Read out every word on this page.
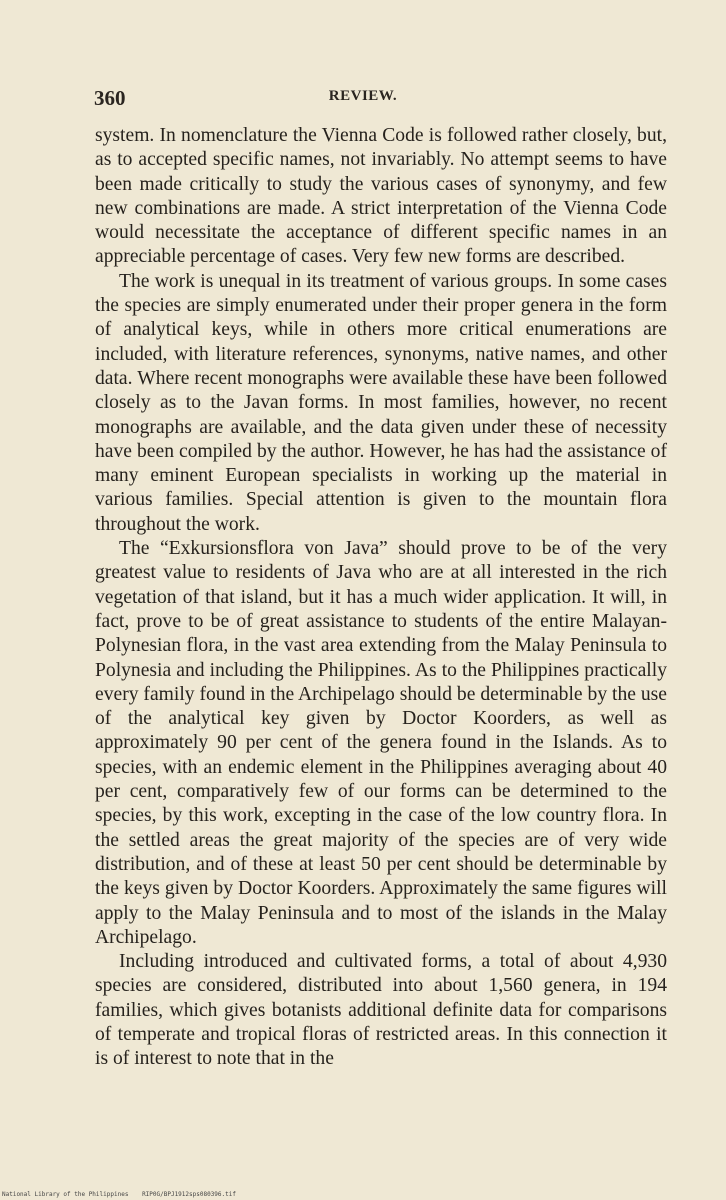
360	REVIEW.

system. In nomenclature the Vienna Code is followed rather closely, but, as to accepted specific names, not invariably. No attempt seems to have been made critically to study the various cases of synonymy, and few new combinations are made. A strict interpretation of the Vienna Code would necessitate the acceptance of different specific names in an appreciable percentage of cases. Very few new forms are described.

The work is unequal in its treatment of various groups. In some cases the species are simply enumerated under their proper genera in the form of analytical keys, while in others more critical enumerations are included, with literature references, synonyms, native names, and other data. Where recent monographs were available these have been followed closely as to the Javan forms. In most families, however, no recent monographs are available, and the data given under these of necessity have been compiled by the author. However, he has had the assistance of many eminent European specialists in working up the material in various families. Special attention is given to the mountain flora throughout the work.

The “Exkursionsflora von Java” should prove to be of the very greatest value to residents of Java who are at all interested in the rich vegetation of that island, but it has a much wider application. It will, in fact, prove to be of great assistance to students of the entire Malayan-Polynesian flora, in the vast area extending from the Malay Peninsula to Polynesia and including the Philippines. As to the Philippines practically every family found in the Archipelago should be determinable by the use of the analytical key given by Doctor Koorders, as well as approximately 90 per cent of the genera found in the Islands. As to species, with an endemic element in the Philippines averaging about 40 per cent, comparatively few of our forms can be determined to the species, by this work, excepting in the case of the low country flora. In the settled areas the great majority of the species are of very wide distribution, and of these at least 50 per cent should be determinable by the keys given by Doctor Koorders. Approximately the same figures will apply to the Malay Peninsula and to most of the islands in the Malay Archipelago.

Including introduced and cultivated forms, a total of about 4,930 species are considered, distributed into about 1,560 genera, in 194 families, which gives botanists additional definite data for comparisons of temperate and tropical floras of restricted areas. In this connection it is of interest to note that in the

National Library of the Philippines RIP0G/BPJ1912sps080396.tif
